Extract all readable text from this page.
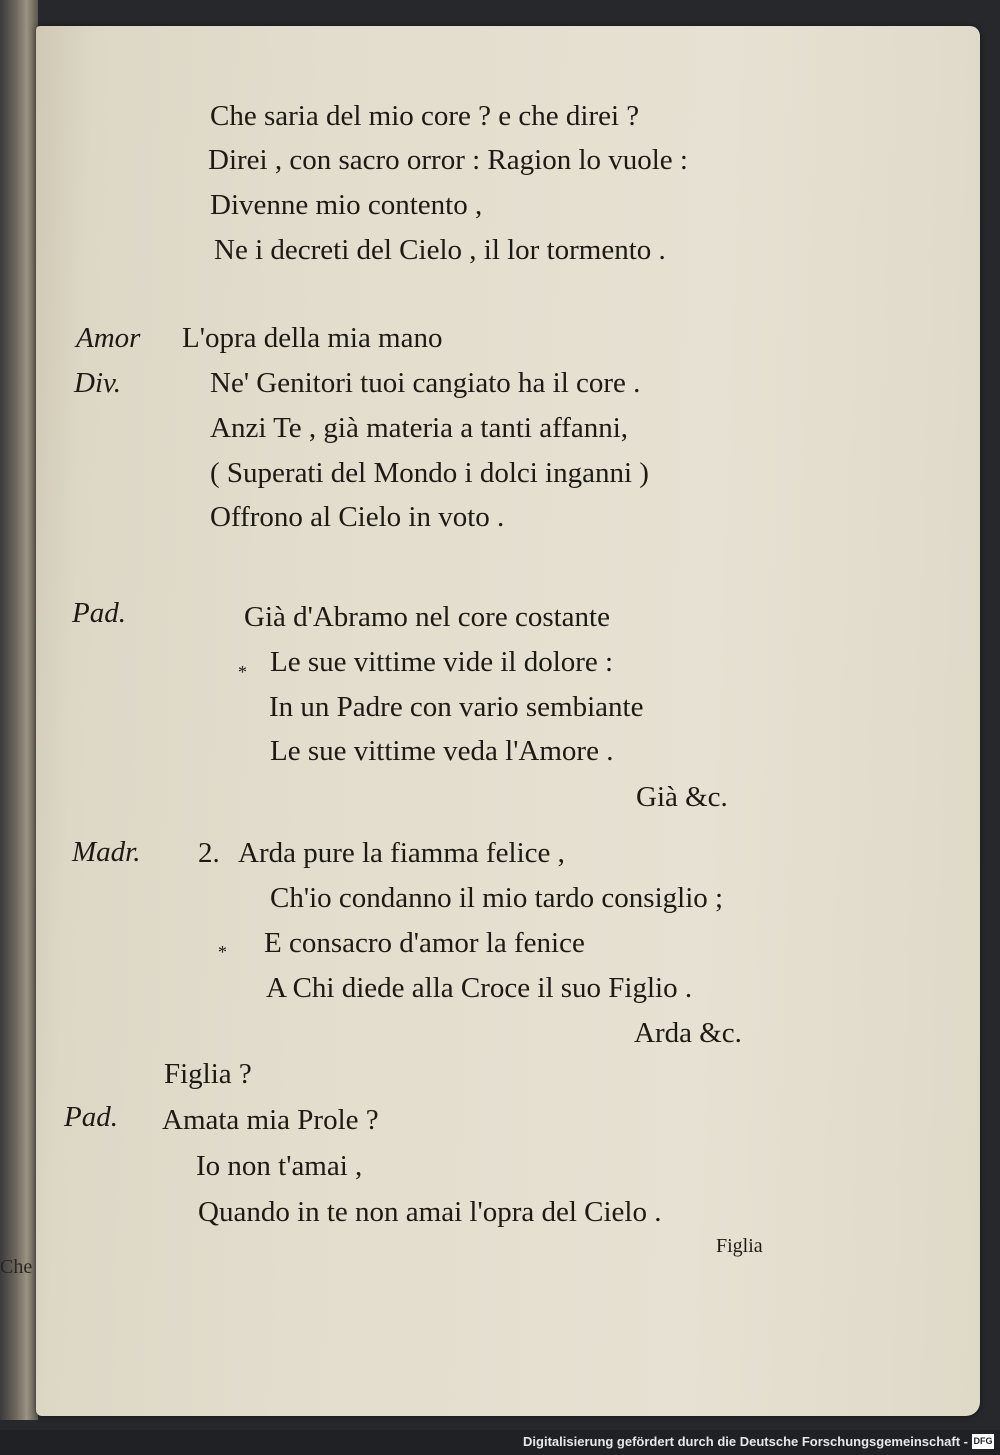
Che
Che saria del mio core ? e che direi ?
Direi , con sacro orror : Ragion lo vuole :
Divenne mio contento ,
Ne i decreti del Cielo , il lor tormento .
Amor
Div.
L'opra della mia mano
Ne' Genitori tuoi cangiato ha il core .
Anzi Te , già materia a tanti affanni,
( Superati del Mondo i dolci inganni )
Offrono al Cielo in voto .
Pad.	Già d'Abramo nel core costante
* Le sue vittime vide il dolore :
In un Padre con vario sembiante
Le sue vittime veda l'Amore .
Già &c.
Madr. 2. Arda pure la fiamma felice ,
Ch'io condanno il mio tardo consiglio ;
* E consacro d'amor la fenice
A Chi diede alla Croce il suo Figlio .
Arda &c.
Figlia ?
Pad. Amata mia Prole ?
Io non t'amai ,
Quando in te non amai l'opra del Cielo .
Figlia
Digitalisierung gefördert durch die Deutsche Forschungsgemeinschaft - DFG
